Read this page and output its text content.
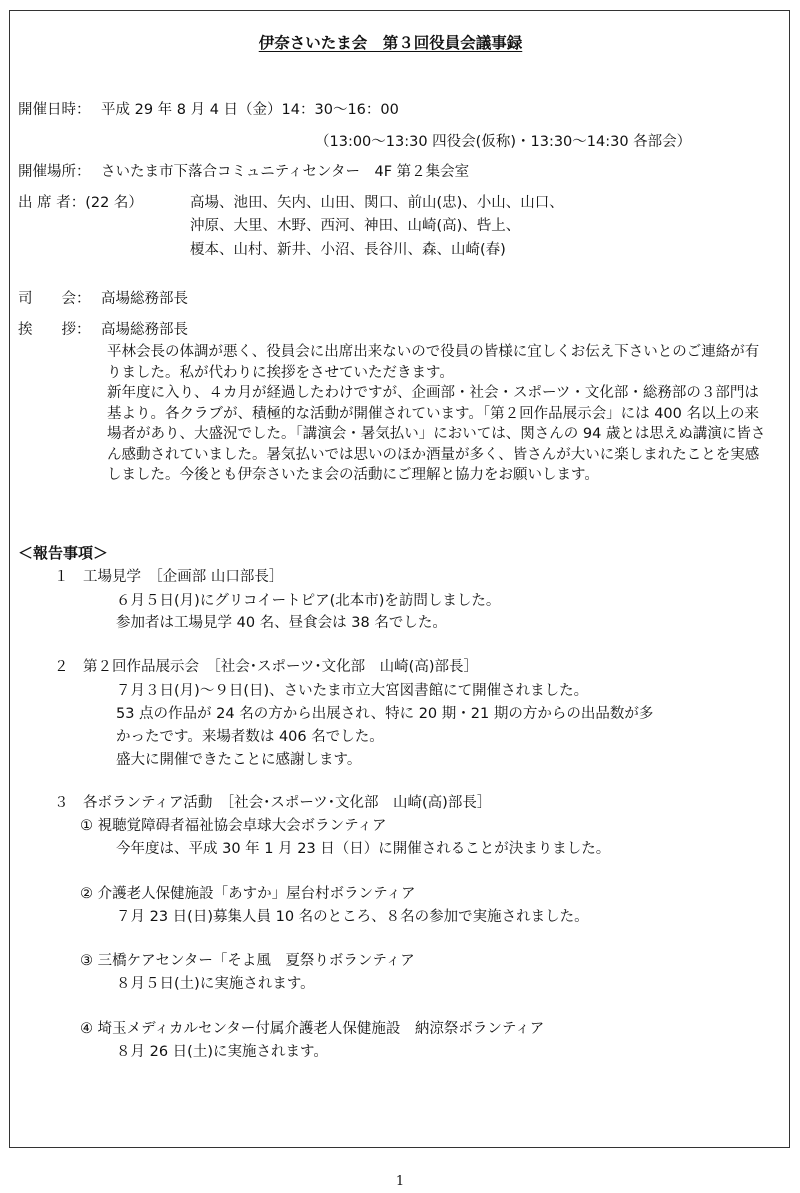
伊奈さいたま会　第３回役員会議事録
開催日時： 平成 29 年 8 月 4 日（金）14：30～16：00
（13:00～13:30 四役会(仮称)・13:30～14:30 各部会）
開催場所： さいたま市下落合コミュニティセンター　4F 第２集会室
出 席 者：(22 名）	高場、池田、矢内、山田、関口、前山(忠)、小山、山口、
沖原、大里、木野、西河、神田、山崎(高)、呰上、
榎本、山村、新井、小沼、長谷川、森、山崎(春)
司　　会： 高場総務部長
挨　　拶： 高場総務部長
平林会長の体調が悪く、役員会に出席出来ないので役員の皆様に宜しくお伝え下さいとのご連絡が有りました。私が代わりに挨拶をさせていただきます。
新年度に入り、４カ月が経過したわけですが、企画部・社会・スポーツ・文化部・総務部の３部門は基より。各クラブが、積極的な活動が開催されています。「第２回作品展示会」には 400 名以上の来場者があり、大盛況でした。「講演会・暑気払い」においては、関さんの 94 歳とは思えぬ講演に皆さん感動されていました。暑気払いでは思いのほか酒量が多く、皆さんが大いに楽しまれたことを実感しました。今後とも伊奈さいたま会の活動にご理解と協力をお願いします。
＜報告事項＞
１　工場見学　［企画部 山口部長］
６月５日(月)にグリコイートピア(北本市)を訪問しました。
参加者は工場見学 40 名、昼食会は 38 名でした。
２　第２回作品展示会　［社会･スポーツ･文化部　山崎(高)部長］
７月３日(月)～９日(日)、さいたま市立大宮図書館にて開催されました。
53 点の作品が 24 名の方から出展され、特に 20 期・21 期の方からの出品数が多
かったです。来場者数は 406 名でした。
盛大に開催できたことに感謝します。
３　各ボランティア活動　［社会･スポーツ･文化部　山崎(高)部長］
① 視聴覚障碍者福祉協会卓球大会ボランティア
今年度は、平成 30 年 1 月 23 日（日）に開催されることが決まりました。
② 介護老人保健施設「あすか」屋台村ボランティア
７月 23 日(日)募集人員 10 名のところ、８名の参加で実施されました。
③ 三橋ケアセンター「そよ風　夏祭りボランティア
８月５日(土)に実施されます。
④ 埼玉メディカルセンター付属介護老人保健施設　納涼祭ボランティア
８月 26 日(土)に実施されます。
1
